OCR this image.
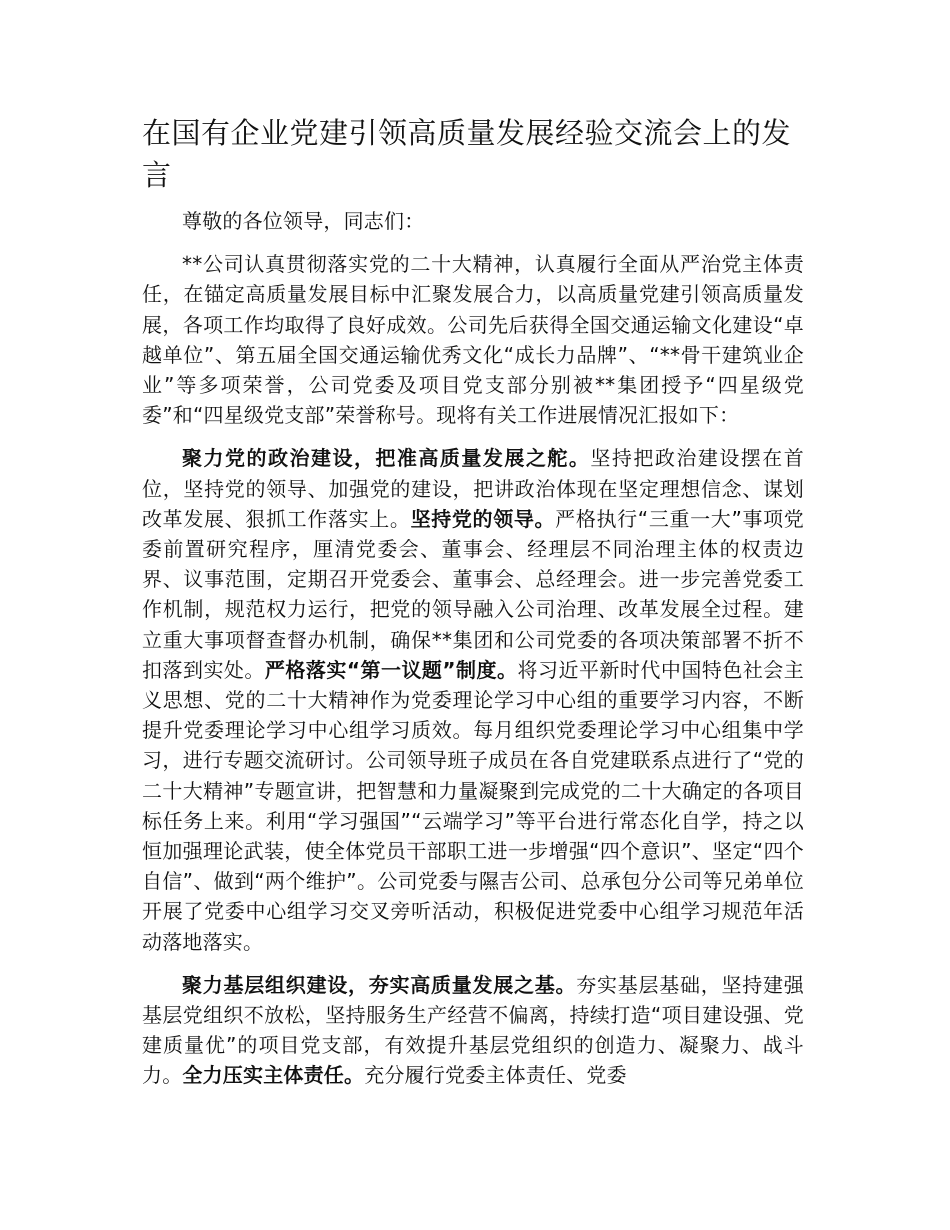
在国有企业党建引领高质量发展经验交流会上的发言

尊敬的各位领导，同志们：

**公司认真贯彻落实党的二十大精神，认真履行全面从严治党主体责任，在锚定高质量发展目标中汇聚发展合力，以高质量党建引领高质量发展，各项工作均取得了良好成效。公司先后获得全国交通运输文化建设“卓越单位”、第五届全国交通运输优秀文化“成长力品牌”、“**骨干建筑业企业”等多项荣誉，公司党委及项目党支部分别被**集团授予“四星级党委”和“四星级党支部”荣誉称号。现将有关工作进展情况汇报如下：

聚力党的政治建设，把准高质量发展之舵。坚持把政治建设摆在首位，坚持党的领导、加强党的建设，把讲政治体现在坚定理想信念、谋划改革发展、狠抓工作落实上。坚持党的领导。严格执行“三重一大”事项党委前置研究程序，厘清党委会、董事会、经理层不同治理主体的权责边界、议事范围，定期召开党委会、董事会、总经理会。进一步完善党委工作机制，规范权力运行，把党的领导融入公司治理、改革发展全过程。建立重大事项督查督办机制，确保**集团和公司党委的各项决策部署不折不扣落到实处。严格落实“第一议题”制度。将习近平新时代中国特色社会主义思想、党的二十大精神作为党委理论学习中心组的重要学习内容，不断提升党委理论学习中心组学习质效。每月组织党委理论学习中心组集中学习，进行专题交流研讨。公司领导班子成员在各自党建联系点进行了“党的二十大精神”专题宣讲，把智慧和力量凝聚到完成党的二十大确定的各项目标任务上来。利用“学习强国”“云端学习”等平台进行常态化自学，持之以恒加强理论武装，使全体党员干部职工进一步增强“四个意识”、坚定“四个自信”、做到“两个维护”。公司党委与隰吉公司、总承包分公司等兄弟单位开展了党委中心组学习交叉旁听活动，积极促进党委中心组学习规范年活动落地落实。

聚力基层组织建设，夯实高质量发展之基。夯实基层基础，坚持建强基层党组织不放松，坚持服务生产经营不偏离，持续打造“项目建设强、党建质量优”的项目党支部，有效提升基层党组织的创造力、凝聚力、战斗力。全力压实主体责任。充分履行党委主体责任、党委
